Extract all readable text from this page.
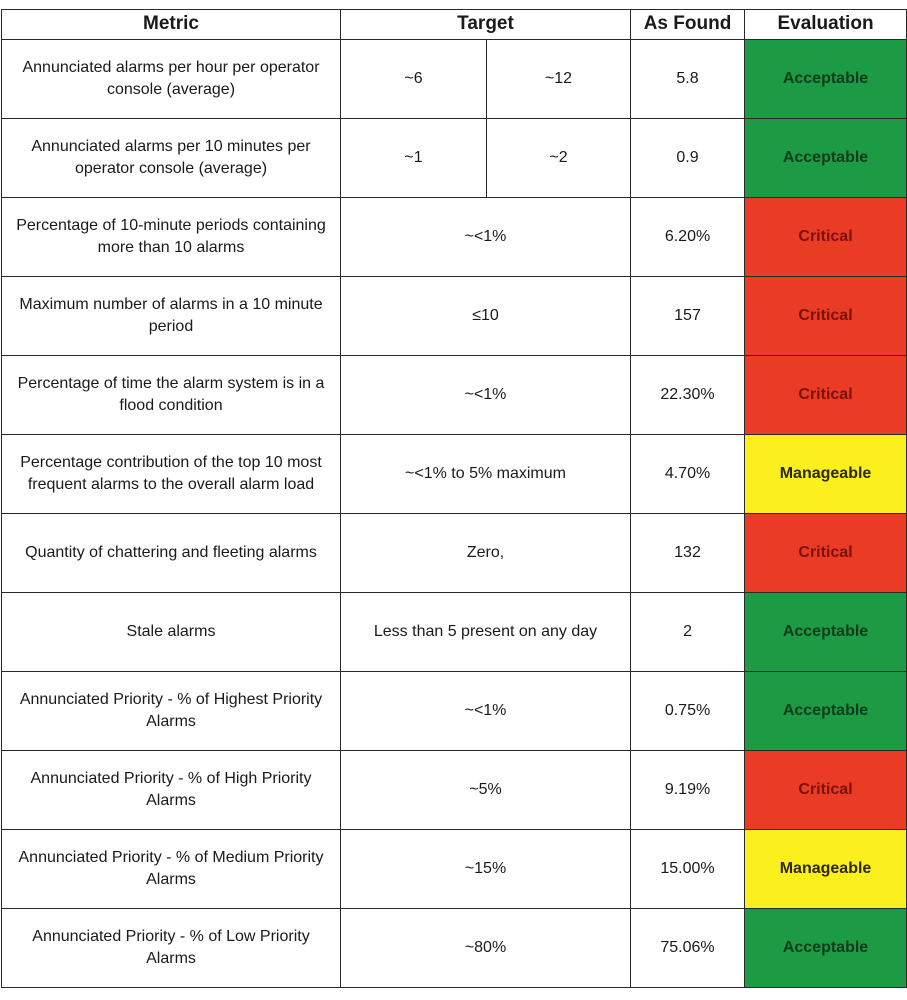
Metric	Target		As Found	Evaluation
Annunciated alarms per hour per operator console (average)	~6	~12	5.8	Acceptable
Annunciated alarms per 10 minutes per operator console (average)	~1	~2	0.9	Acceptable
Percentage of 10-minute periods containing more than 10 alarms	~<1%		6.20%	Critical
Maximum number of alarms in a 10 minute period	≤10		157	Critical
Percentage of time the alarm system is in a flood condition	~<1%		22.30%	Critical
Percentage contribution of the top 10 most frequent alarms to the overall alarm load	~<1% to 5% maximum		4.70%	Manageable
Quantity of chattering and fleeting alarms	Zero,		132	Critical
Stale alarms	Less than 5 present on any day		2	Acceptable
Annunciated Priority - % of Highest Priority Alarms	~<1%		0.75%	Acceptable
Annunciated Priority - % of High Priority Alarms	~5%		9.19%	Critical
Annunciated Priority - % of Medium Priority Alarms	~15%		15.00%	Manageable
Annunciated Priority - % of Low Priority Alarms	~80%		75.06%	Acceptable
